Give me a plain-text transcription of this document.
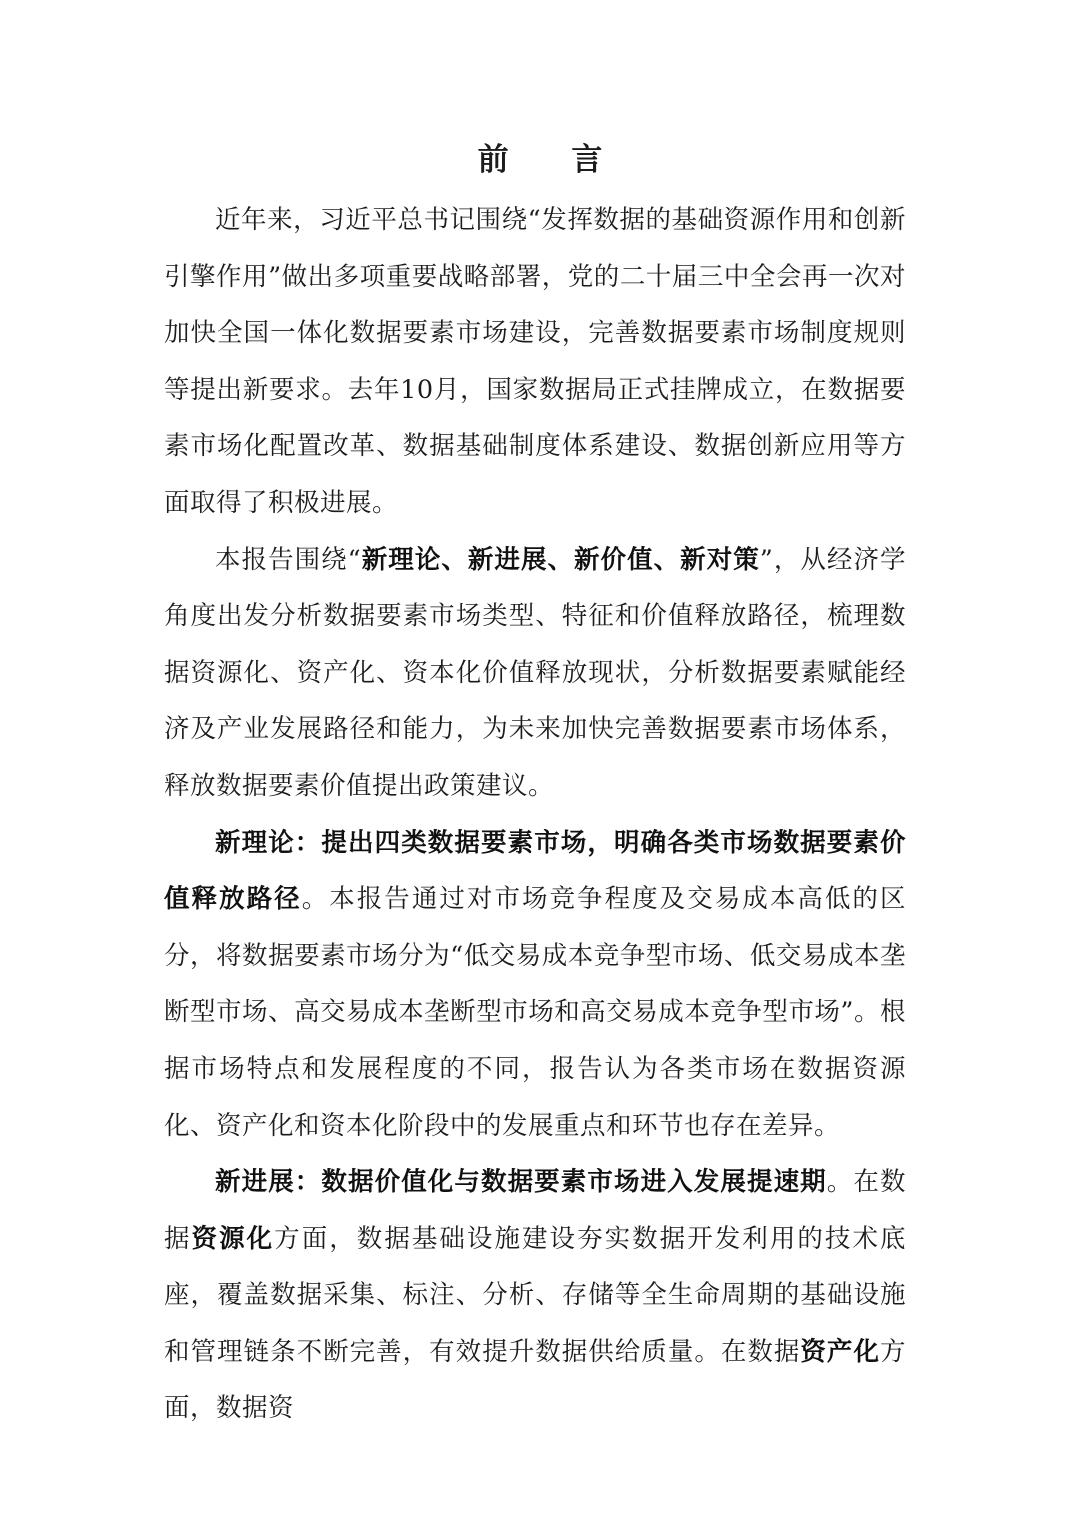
前 言

近年来，习近平总书记围绕“发挥数据的基础资源作用和创新引擎作用”做出多项重要战略部署，党的二十届三中全会再一次对加快全国一体化数据要素市场建设，完善数据要素市场制度规则等提出新要求。去年10月，国家数据局正式挂牌成立，在数据要素市场化配置改革、数据基础制度体系建设、数据创新应用等方面取得了积极进展。

本报告围绕“新理论、新进展、新价值、新对策”，从经济学角度出发分析数据要素市场类型、特征和价值释放路径，梳理数据资源化、资产化、资本化价值释放现状，分析数据要素赋能经济及产业发展路径和能力，为未来加快完善数据要素市场体系，释放数据要素价值提出政策建议。

新理论：提出四类数据要素市场，明确各类市场数据要素价值释放路径。本报告通过对市场竞争程度及交易成本高低的区分，将数据要素市场分为“低交易成本竞争型市场、低交易成本垄断型市场、高交易成本垄断型市场和高交易成本竞争型市场”。根据市场特点和发展程度的不同，报告认为各类市场在数据资源化、资产化和资本化阶段中的发展重点和环节也存在差异。

新进展：数据价值化与数据要素市场进入发展提速期。在数据资源化方面，数据基础设施建设夯实数据开发利用的技术底座，覆盖数据采集、标注、分析、存储等全生命周期的基础设施和管理链条不断完善，有效提升数据供给质量。在数据资产化方面，数据资
